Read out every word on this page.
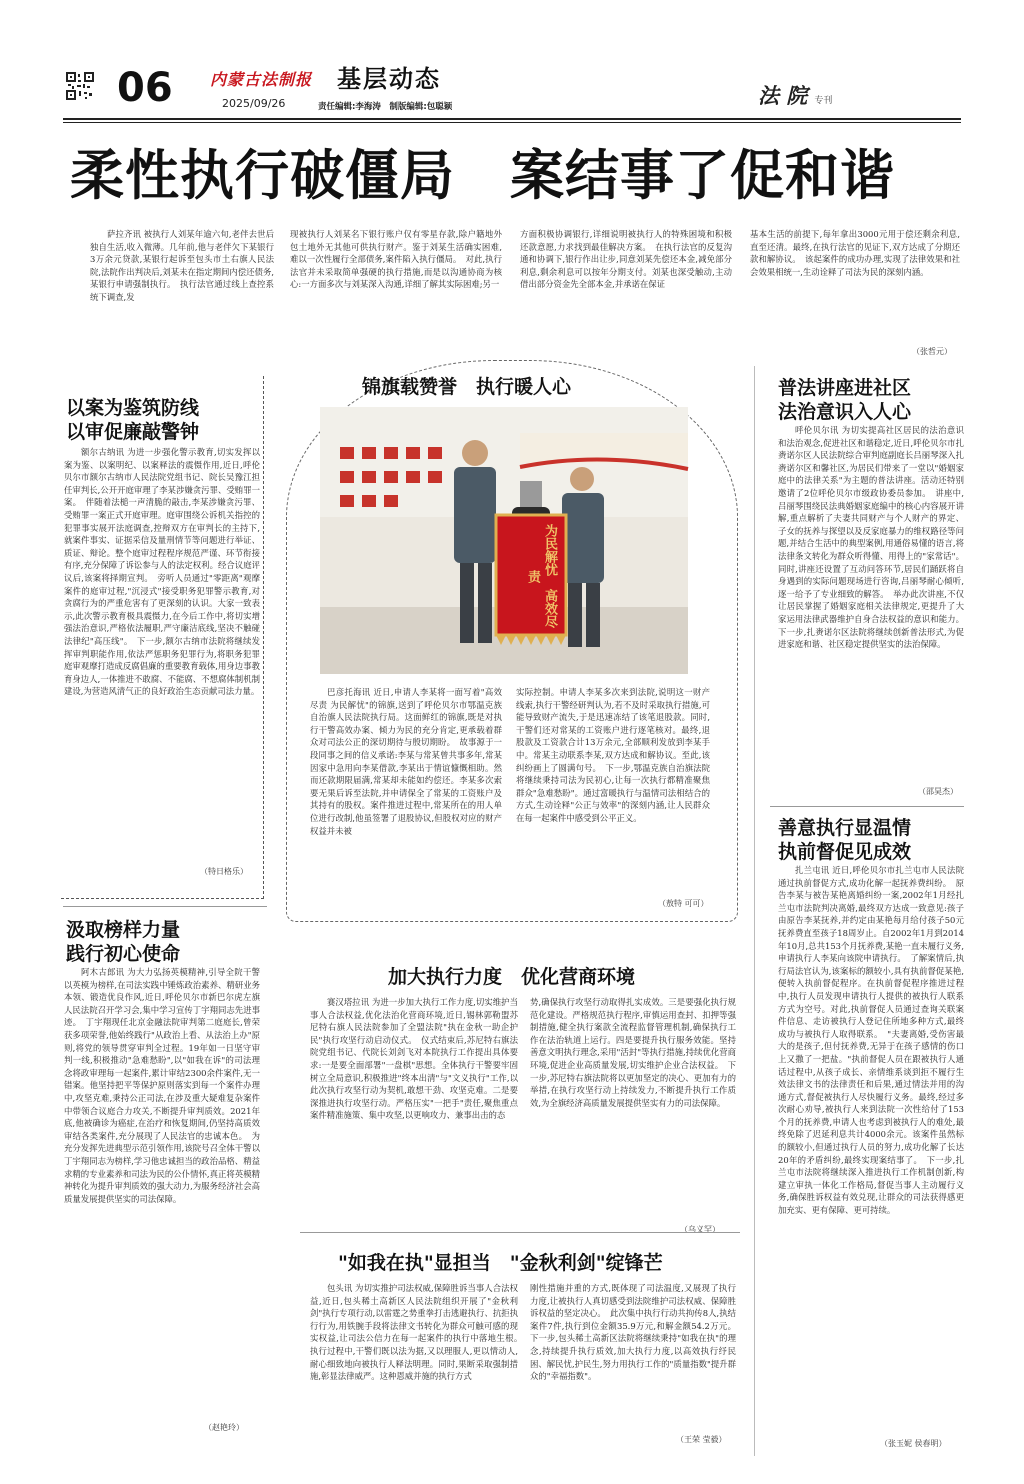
06 内蒙古法制报
2025/09/26
基层动态
责任编辑:李海涛　制版编辑:包聪颖	法 院 专刊
柔性执行破僵局　案结事了促和谐

萨拉齐讯 被执行人刘某年逾六旬,老伴去世后独自生活,收入微薄。几年前,他与老伴欠下某银行3万余元贷款,某银行起诉至包头市土右旗人民法院,法院作出判决后,刘某未在指定期间内偿还债务,某银行申请强制执行。　执行法官通过线上查控系统下调查,发

现被执行人刘某名下银行账户仅有零星存款,除户籍地外包土地外无其他可供执行财产。鉴于刘某生活确实困难,难以一次性履行全部债务,案件陷入执行僵局。　对此,执行法官并未采取简单强硬的执行措施,而是以沟通协商为核心:一方面多次与刘某深入沟通,详细了解其实际困难;另一

方面积极协调银行,详细说明被执行人的特殊困境和积极还款意愿,力求找到最佳解决方案。　在执行法官的反复沟通和协调下,银行作出让步,同意刘某先偿还本金,减免部分利息,剩余利息可以按年分期支付。刘某也深受触动,主动借出部分资金先全部本金,并承诺在保证

基本生活的前提下,每年拿出3000元用于偿还剩余利息,直至还清。最终,在执行法官的见证下,双方达成了分期还款和解协议。　该起案件的成功办理,实现了法律效果和社会效果相统一,生动诠释了司法为民的深刻内涵。

（张哲元）

以案为鉴筑防线

以审促廉敲警钟

额尔古纳讯 为进一步强化警示教育,切实发挥以案为鉴、以案明纪、以案释法的震慑作用,近日,呼伦贝尔市额尔古纳市人民法院党组书记、院长吴豫江担任审判长,公开开庭审理了李某涉嫌贪污罪、受贿罪一案。　伴随着法槌一声清脆的敲击,李某涉嫌贪污罪、受贿罪一案正式开庭审理。庭审围绕公诉机关指控的犯罪事实展开法庭调查,控辩双方在审判长的主持下,就案件事实、证据采信及量刑情节等问题进行举证、质证、辩论。整个庭审过程程序规范严谨、环节衔接有序,充分保障了诉讼参与人的法定权利。经合议庭评议后,该案将择期宣判。　旁听人员通过"零距离"观摩案件的庭审过程,"沉浸式"接受职务犯罪警示教育,对贪腐行为的严重危害有了更深刻的认识。大家一致表示,此次警示教育极具震慑力,在今后工作中,将切实增强法治意识,严格依法履职,严守廉洁底线,坚决不触碰法律纪"高压线"。　下一步,额尔古纳市法院将继续发挥审判职能作用,依法严惩职务犯罪行为,将职务犯罪庭审观摩打造成反腐倡廉的重要教育载体,用身边事教育身边人,一体推进不敢腐、不能腐、不想腐体制机制建设,为营造风清气正的良好政治生态贡献司法力量。

（特日格乐）

汲取榜样力量

践行初心使命

阿木古郎讯 为大力弘扬英模精神,引导全院干警以英模为榜样,在司法实践中锤炼政治素养、精研业务本领、锻造优良作风,近日,呼伦贝尔市新巴尔虎左旗人民法院召开学习会,集中学习宣传丁宇翔同志先进事迹。　丁宇翔现任北京金融法院审判第二庭庭长,曾荣获多项荣誉,他始终践行"从政治上看、从法治上办"原则,将党的领导贯穿审判全过程。19年如一日坚守审判一线,积极推动"急难愁盼",以"如我在诉"的司法理念将政审理每一起案件,累计审结2300余件案件,无一错案。他坚持把平等保护原则落实到每一个案件办理中,攻坚克难,秉持公正司法,在涉及重大疑难复杂案件中带领合议庭合力攻关,不断提升审判质效。2021年底,他被确诊为癌症,在治疗和恢复期间,仍坚持高质效审结各类案件,充分展现了人民法官的忠诚本色。　为充分发挥先进典型示范引领作用,该院号召全体干警以丁宇翔同志为榜样,学习他忠诚担当的政治品格、精益求精的专业素养和司法为民的公仆情怀,真正将英模精神转化为提升审判质效的强大动力,为服务经济社会高质量发展提供坚实的司法保障。

（赵艳玲）
锦旗载赞誉　执行暖人心
为民解忧　高效尽责

巴彦托海讯 近日,申请人李某将一面写着"高效尽责 为民解忧"的锦旗,送到了呼伦贝尔市鄂温克族自治旗人民法院执行局。这面鲜红的锦旗,既是对执行干警高效办案、倾力为民的充分肯定,更承载着群众对司法公正的深切期待与殷切期盼。　故事源于一段同事之间的信义承诺:李某与常某曾共事多年,常某因家中急用向李某借款,李某出于情谊慷慨相助。然而还款期限届满,常某却未能如约偿还。李某多次索要无果后诉至法院,并申请保全了常某的工资账户及其持有的股权。案件推进过程中,常某所在的用人单位进行改制,他虽签署了退股协议,但股权对应的财产权益并未被

实际控制。申请人李某多次来到法院,说明这一财产线索,执行干警经研判认为,若不及时采取执行措施,可能导致财产流失,于是迅速冻结了该笔退股款。同时,干警们还对常某的工资账户进行逐笔核对。最终,退股款及工资款合计13万余元,全部顺利发放到李某手中。常某主动联系李某,双方达成和解协议。至此,该纠纷画上了圆满句号。　下一步,鄂温克族自治旗法院将继续秉持司法为民初心,让每一次执行都精准聚焦群众"急难愁盼"。通过富暖执行与温情司法相结合的方式,生动诠释"公正与效率"的深刻内涵,让人民群众在每一起案件中感受到公平正义。

（敖特 可可）
加大执行力度　优化营商环境

赛汉塔拉讯 为进一步加大执行工作力度,切实维护当事人合法权益,优化法治化营商环境,近日,锡林郭勒盟苏尼特右旗人民法院参加了全盟法院"执在金秋一助企护民"执行攻坚行动启动仪式。　仪式结束后,苏尼特右旗法院党组书记、代院长刘剑飞对本院执行工作提出具体要求:一是要全面部署"一盘棋"思想。全体执行干警要牢固树立全局意识,积极推进"终本出清"与"文义执行"工作,以此次执行攻坚行动为契机,敢想干劲、攻坚克难。二是要深推进执行攻坚行动。严格压实"一把手"责任,聚焦重点案件精准施策、集中攻坚,以更响攻力、兼事出击的态

势,确保执行攻坚行动取得扎实成效。三是要强化执行规范化建设。严格规范执行程序,审慎运用查封、扣押等强制措施,健全执行案款全流程监督管理机制,确保执行工作在法治轨道上运行。四是要提升执行服务效能。坚持善意文明执行理念,采用"活封"等执行措施,持续优化营商环境,促进企业高质量发展,切实维护企业合法权益。　下一步,苏尼特右旗法院将以更加坚定的决心、更加有力的举措,在执行攻坚行动上持续发力,不断提升执行工作质效,为全旗经济高质量发展提供坚实有力的司法保障。

（乌义罕）
"如我在执"显担当　"金秋利剑"绽锋芒

包头讯 为切实推护司法权威,保障胜诉当事人合法权益,近日,包头稀土高新区人民法院组织开展了"金秋利剑"执行专项行动,以雷霆之势重拳打击逃避执行、抗拒执行行为,用铁腕手段将法律文书转化为群众可触可感的现实权益,让司法公信力在每一起案件的执行中落地生根。　执行过程中,干警们既以法为据,又以理服人,更以情动人,耐心细致地向被执行人释法明理。同时,果断采取强制措施,彰显法律威严。这种恩威并施的执行方式

刚性措施并重的方式,既体现了司法温度,又展现了执行力度,让被执行人真切感受到法院维护司法权威、保障胜诉权益的坚定决心。　此次集中执行行动共拘传8人,执结案件7件,执行到位金额35.9万元,和解金额54.2万元。下一步,包头稀土高新区法院将继续秉持"如我在执"的理念,持续提升执行质效,加大执行力度,以高效执行纾民困、解民忧,护民生,努力用执行工作的"质量指数"提升群众的"幸福指数"。

（王荣 莹毅）

普法讲座进社区

法治意识入人心

呼伦贝尔讯 为切实提高社区居民的法治意识和法治观念,促进社区和谐稳定,近日,呼伦贝尔市扎赉诺尔区人民法院综合审判庭副庭长吕丽琴深入扎赉诺尔区和馨社区,为居民们带来了一堂以"婚姻家庭中的法律关系"为主题的普法讲座。活动还特别邀请了2位呼伦贝尔市级政协委员参加。　讲座中,吕丽琴围绕民法典婚姻家庭编中的核心内容展开讲解,重点解析了夫妻共同财产与个人财产的界定、子女的抚养与探望以及反家庭暴力的维权路径等问题,并结合生活中的典型案例,用通俗易懂的语言,将法律条文转化为群众听得懂、用得上的"家常话"。同时,讲座还设置了互动问答环节,居民们踊跃将自身遇到的实际问题现场进行咨询,吕丽琴耐心倾听,逐一给予了专业细致的解答。　举办此次讲座,不仅让居民掌握了婚姻家庭相关法律规定,更提升了大家运用法律武器维护自身合法权益的意识和能力。下一步,扎赉诺尔区法院将继续创新普法形式,为促进家庭和谐、社区稳定提供坚实的法治保障。

（邵昊杰）

善意执行显温情

执前督促见成效

扎兰屯讯 近日,呼伦贝尔市扎兰屯市人民法院通过执前督促方式,成功化解一起抚养费纠纷。　原告李某与被告某艳离婚纠纷一案,2002年1月经扎兰屯市法院判决离婚,最终双方达成一致意见:孩子由原告李某抚养,并约定由某艳每月给付孩子50元抚养费直至孩子18周岁止。自2002年1月到2014年10月,总共153个月抚养费,某艳一直未履行义务,申请执行人李某向该院申请执行。　了解案情后,执行局法官认为,该案标的额较小,具有执前督促某艳,便转入执前督促程序。在执前督促程序推进过程中,执行人员发现申请执行人提供的被执行人联系方式为空号。对此,执前督促人员通过查询关联案件信息、走访被执行人登记住所地多种方式,最终成功与被执行人取得联系。　"夫妻离婚,受伤害最大的是孩子,但付抚养费,无异于在孩子感情的伤口上又撒了一把盐。"执前督促人员在跟被执行人通话过程中,从孩子成长、亲情维系谈到拒不履行生效法律文书的法律责任和后果,通过情法并用的沟通方式,督促被执行人尽快履行义务。最终,经过多次耐心劝导,被执行人来到法院一次性给付了153个月的抚养费,申请人也考虑到被执行人的难处,最终免除了迟延利息共计4000余元。该案件虽然标的额较小,但通过执行人员的努力,成功化解了长达20年的矛盾纠纷,最终实现案结事了。　下一步,扎兰屯市法院将继续深入推进执行工作机制创新,构建立审执一体化工作格局,督促当事人主动履行义务,确保胜诉权益有效兑现,让群众的司法获得感更加充实、更有保障、更可持续。

（张玉妮 侯春明）
